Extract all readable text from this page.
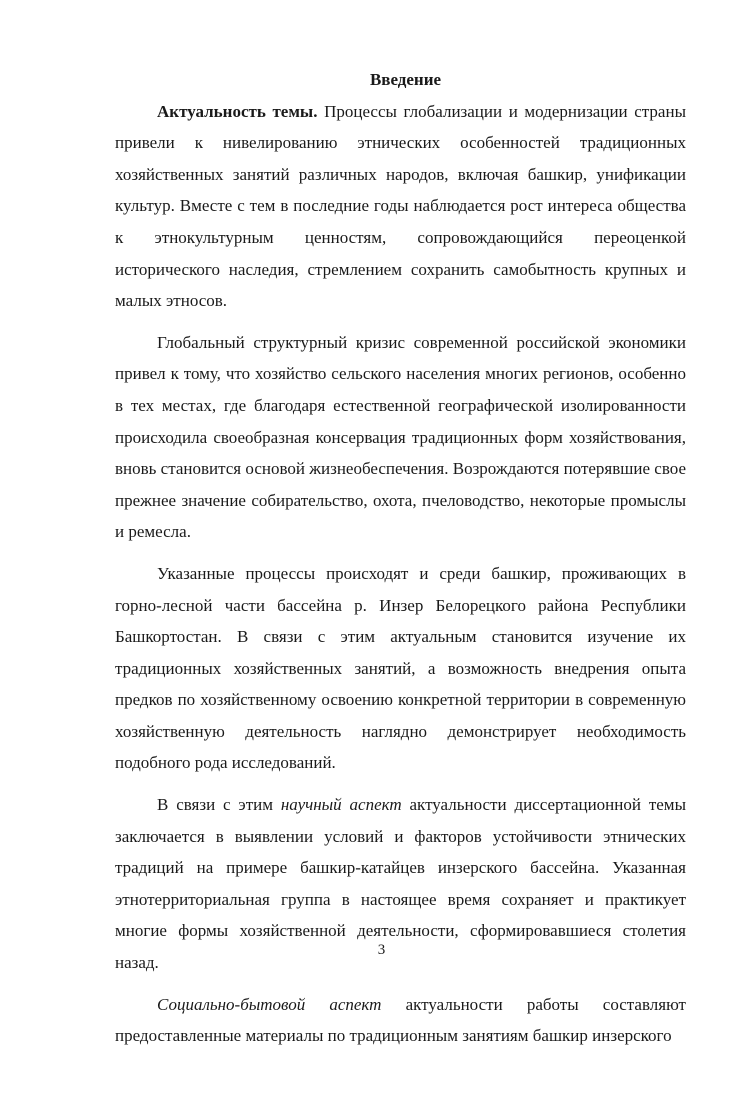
Введение

Актуальность темы. Процессы глобализации и модернизации страны привели к нивелированию этнических особенностей традиционных хозяйственных занятий различных народов, включая башкир, унификации культур. Вместе с тем в последние годы наблюдается рост интереса общества к этнокультурным ценностям, сопровождающийся переоценкой исторического наследия, стремлением сохранить самобытность крупных и малых этносов.

Глобальный структурный кризис современной российской экономики привел к тому, что хозяйство сельского населения многих регионов, особенно в тех местах, где благодаря естественной географической изолированности происходила своеобразная консервация традиционных форм хозяйствования, вновь становится основой жизнеобеспечения. Возрождаются потерявшие свое прежнее значение собирательство, охота, пчеловодство, некоторые промыслы и ремесла.

Указанные процессы происходят и среди башкир, проживающих в горно-лесной части бассейна р. Инзер Белорецкого района Республики Башкортостан. В связи с этим актуальным становится изучение их традиционных хозяйственных занятий, а возможность внедрения опыта предков по хозяйственному освоению конкретной территории в современную хозяйственную деятельность наглядно демонстрирует необходимость подобного рода исследований.

В связи с этим научный аспект актуальности диссертационной темы заключается в выявлении условий и факторов устойчивости этнических традиций на примере башкир-катайцев инзерского бассейна. Указанная этнотерриториальная группа в настоящее время сохраняет и практикует многие формы хозяйственной деятельности, сформировавшиеся столетия назад.

Социально-бытовой аспект актуальности работы составляют предоставленные материалы по традиционным занятиям башкир инзерского

3
